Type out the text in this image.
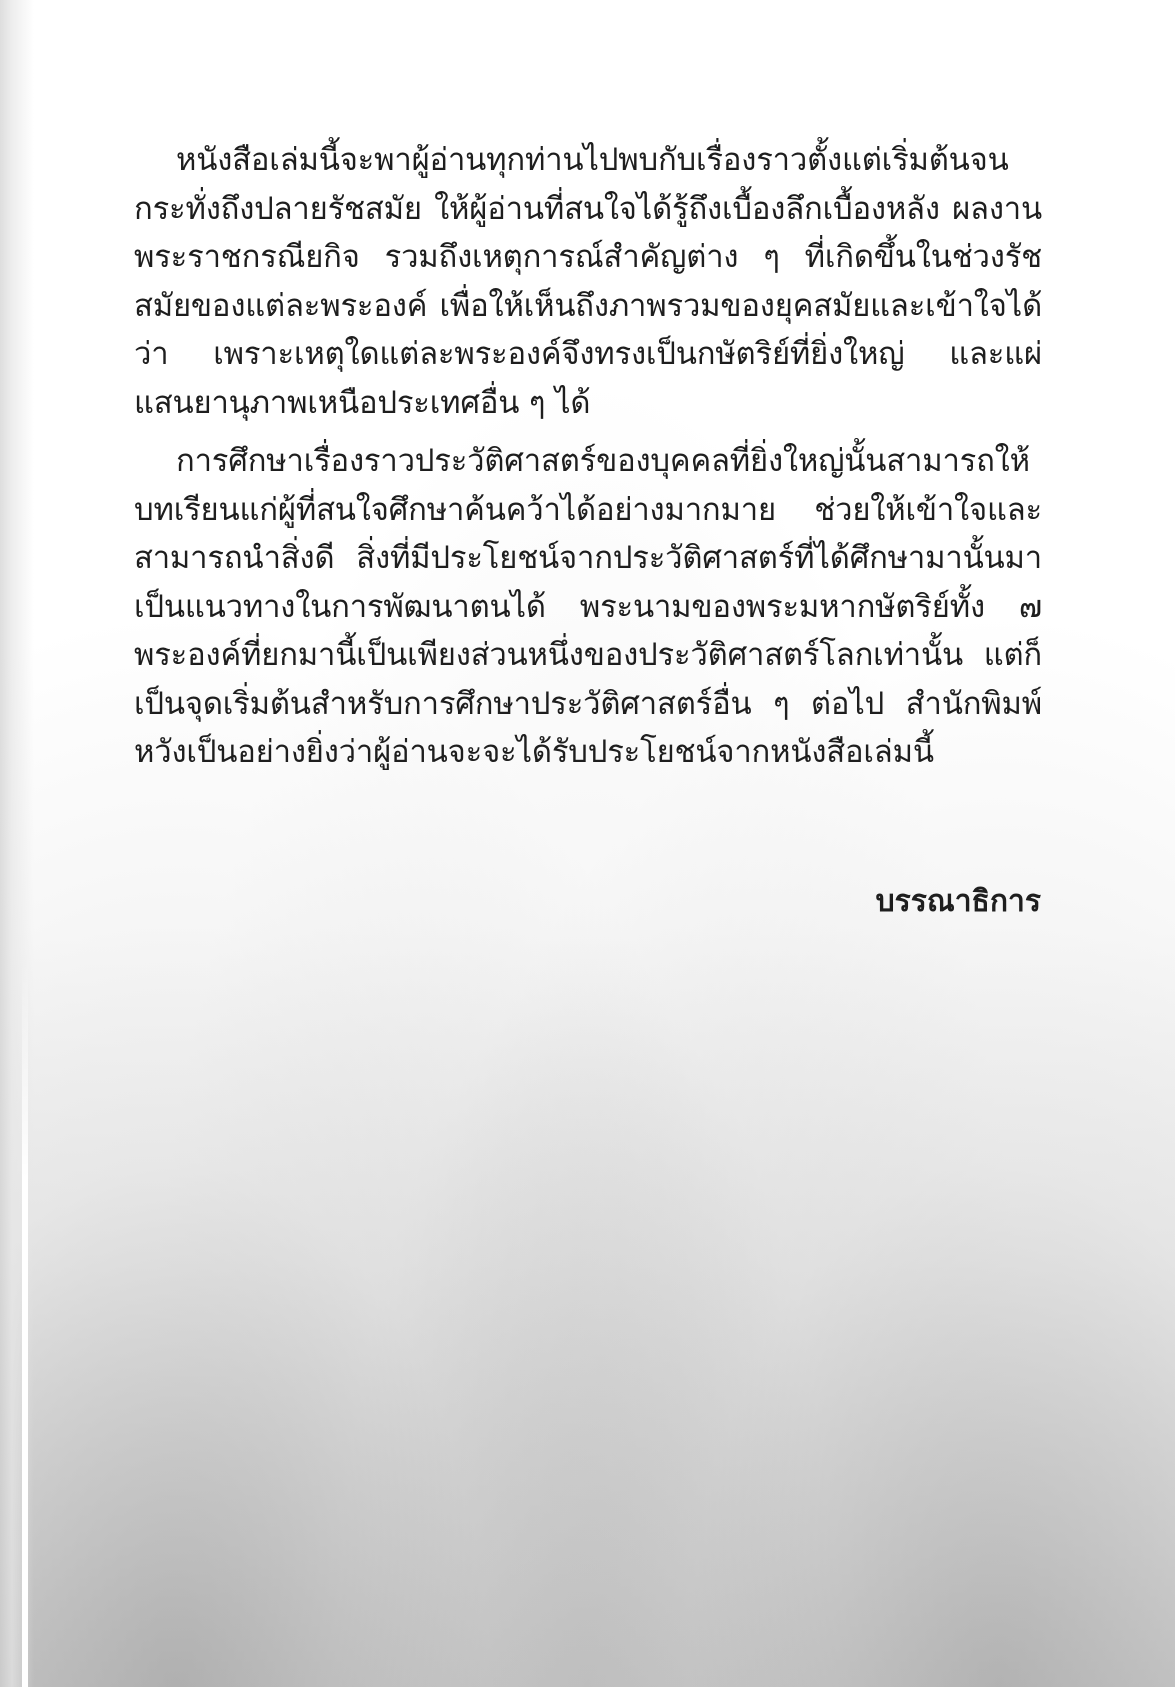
หนังสือเล่มนี้จะพาผู้อ่านทุกท่านไปพบกับเรื่องราวตั้งแต่เริ่มต้นจนกระทั่งถึงปลายรัชสมัย ให้ผู้อ่านที่สนใจได้รู้ถึงเบื้องลึกเบื้องหลัง ผลงานพระราชกรณียกิจ รวมถึงเหตุการณ์สำคัญต่าง ๆ ที่เกิดขึ้นในช่วงรัชสมัยของแต่ละพระองค์ เพื่อให้เห็นถึงภาพรวมของยุคสมัยและเข้าใจได้ว่า เพราะเหตุใดแต่ละพระองค์จึงทรงเป็นกษัตริย์ที่ยิ่งใหญ่ และแผ่แสนยานุภาพเหนือประเทศอื่น ๆ ได้

การศึกษาเรื่องราวประวัติศาสตร์ของบุคคลที่ยิ่งใหญ่นั้นสามารถให้บทเรียนแก่ผู้ที่สนใจศึกษาค้นคว้าได้อย่างมากมาย ช่วยให้เข้าใจและสามารถนำสิ่งดี สิ่งที่มีประโยชน์จากประวัติศาสตร์ที่ได้ศึกษามานั้นมาเป็นแนวทางในการพัฒนาตนได้ พระนามของพระมหากษัตริย์ทั้ง ๗ พระองค์ที่ยกมานี้เป็นเพียงส่วนหนึ่งของประวัติศาสตร์โลกเท่านั้น แต่ก็เป็นจุดเริ่มต้นสำหรับการศึกษาประวัติศาสตร์อื่น ๆ ต่อไป สำนักพิมพ์หวังเป็นอย่างยิ่งว่าผู้อ่านจะจะได้รับประโยชน์จากหนังสือเล่มนี้

บรรณาธิการ
